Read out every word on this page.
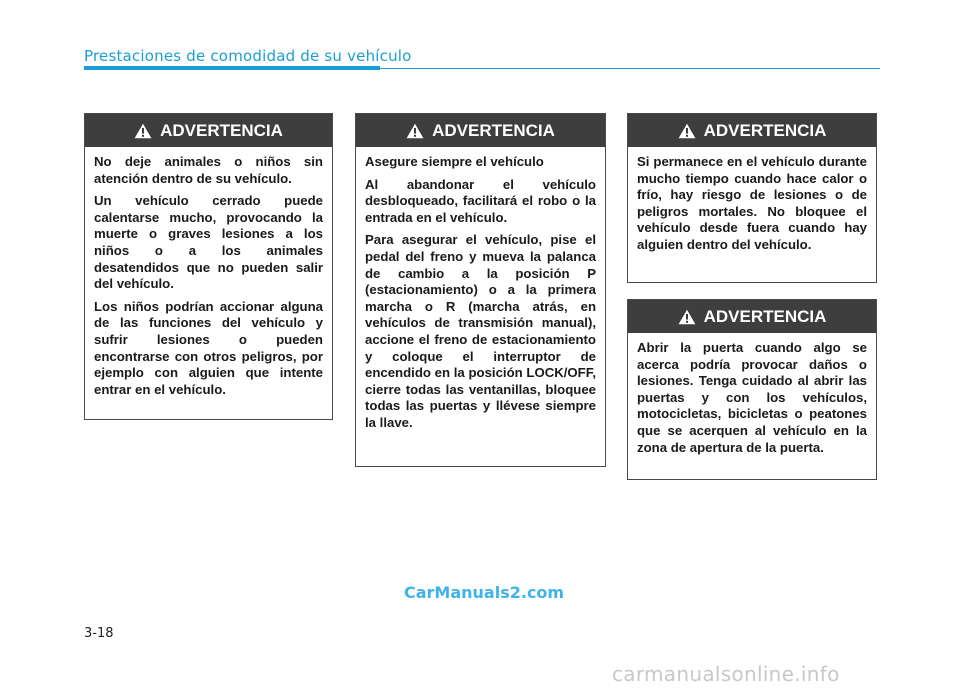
Prestaciones de comodidad de su vehículo
ADVERTENCIA

No deje animales o niños sin atención dentro de su vehículo.

Un vehículo cerrado puede calentarse mucho, provocando la muerte o graves lesiones a los niños o a los animales desatendidos que no pueden salir del vehículo.

Los niños podrían accionar alguna de las funciones del vehículo y sufrir lesiones o pueden encontrarse con otros peligros, por ejemplo con alguien que intente entrar en el vehículo.

ADVERTENCIA

Asegure siempre el vehículo

Al abandonar el vehículo desbloqueado, facilitará el robo o la entrada en el vehículo.

Para asegurar el vehículo, pise el pedal del freno y mueva la palanca de cambio a la posición P (estacionamiento) o a la primera marcha o R (marcha atrás, en vehículos de transmisión manual), accione el freno de estacionamiento y coloque el interruptor de encendido en la posición LOCK/OFF, cierre todas las ventanillas, bloquee todas las puertas y llévese siempre la llave.

ADVERTENCIA

Si permanece en el vehículo durante mucho tiempo cuando hace calor o frío, hay riesgo de lesiones o de peligros mortales. No bloquee el vehículo desde fuera cuando hay alguien dentro del vehículo.

ADVERTENCIA

Abrir la puerta cuando algo se acerca podría provocar daños o lesiones. Tenga cuidado al abrir las puertas y con los vehículos, motocicletas, bicicletas o peatones que se acerquen al vehículo en la zona de apertura de la puerta.

CarManuals2.com
3-18
carmanualsonline.info
